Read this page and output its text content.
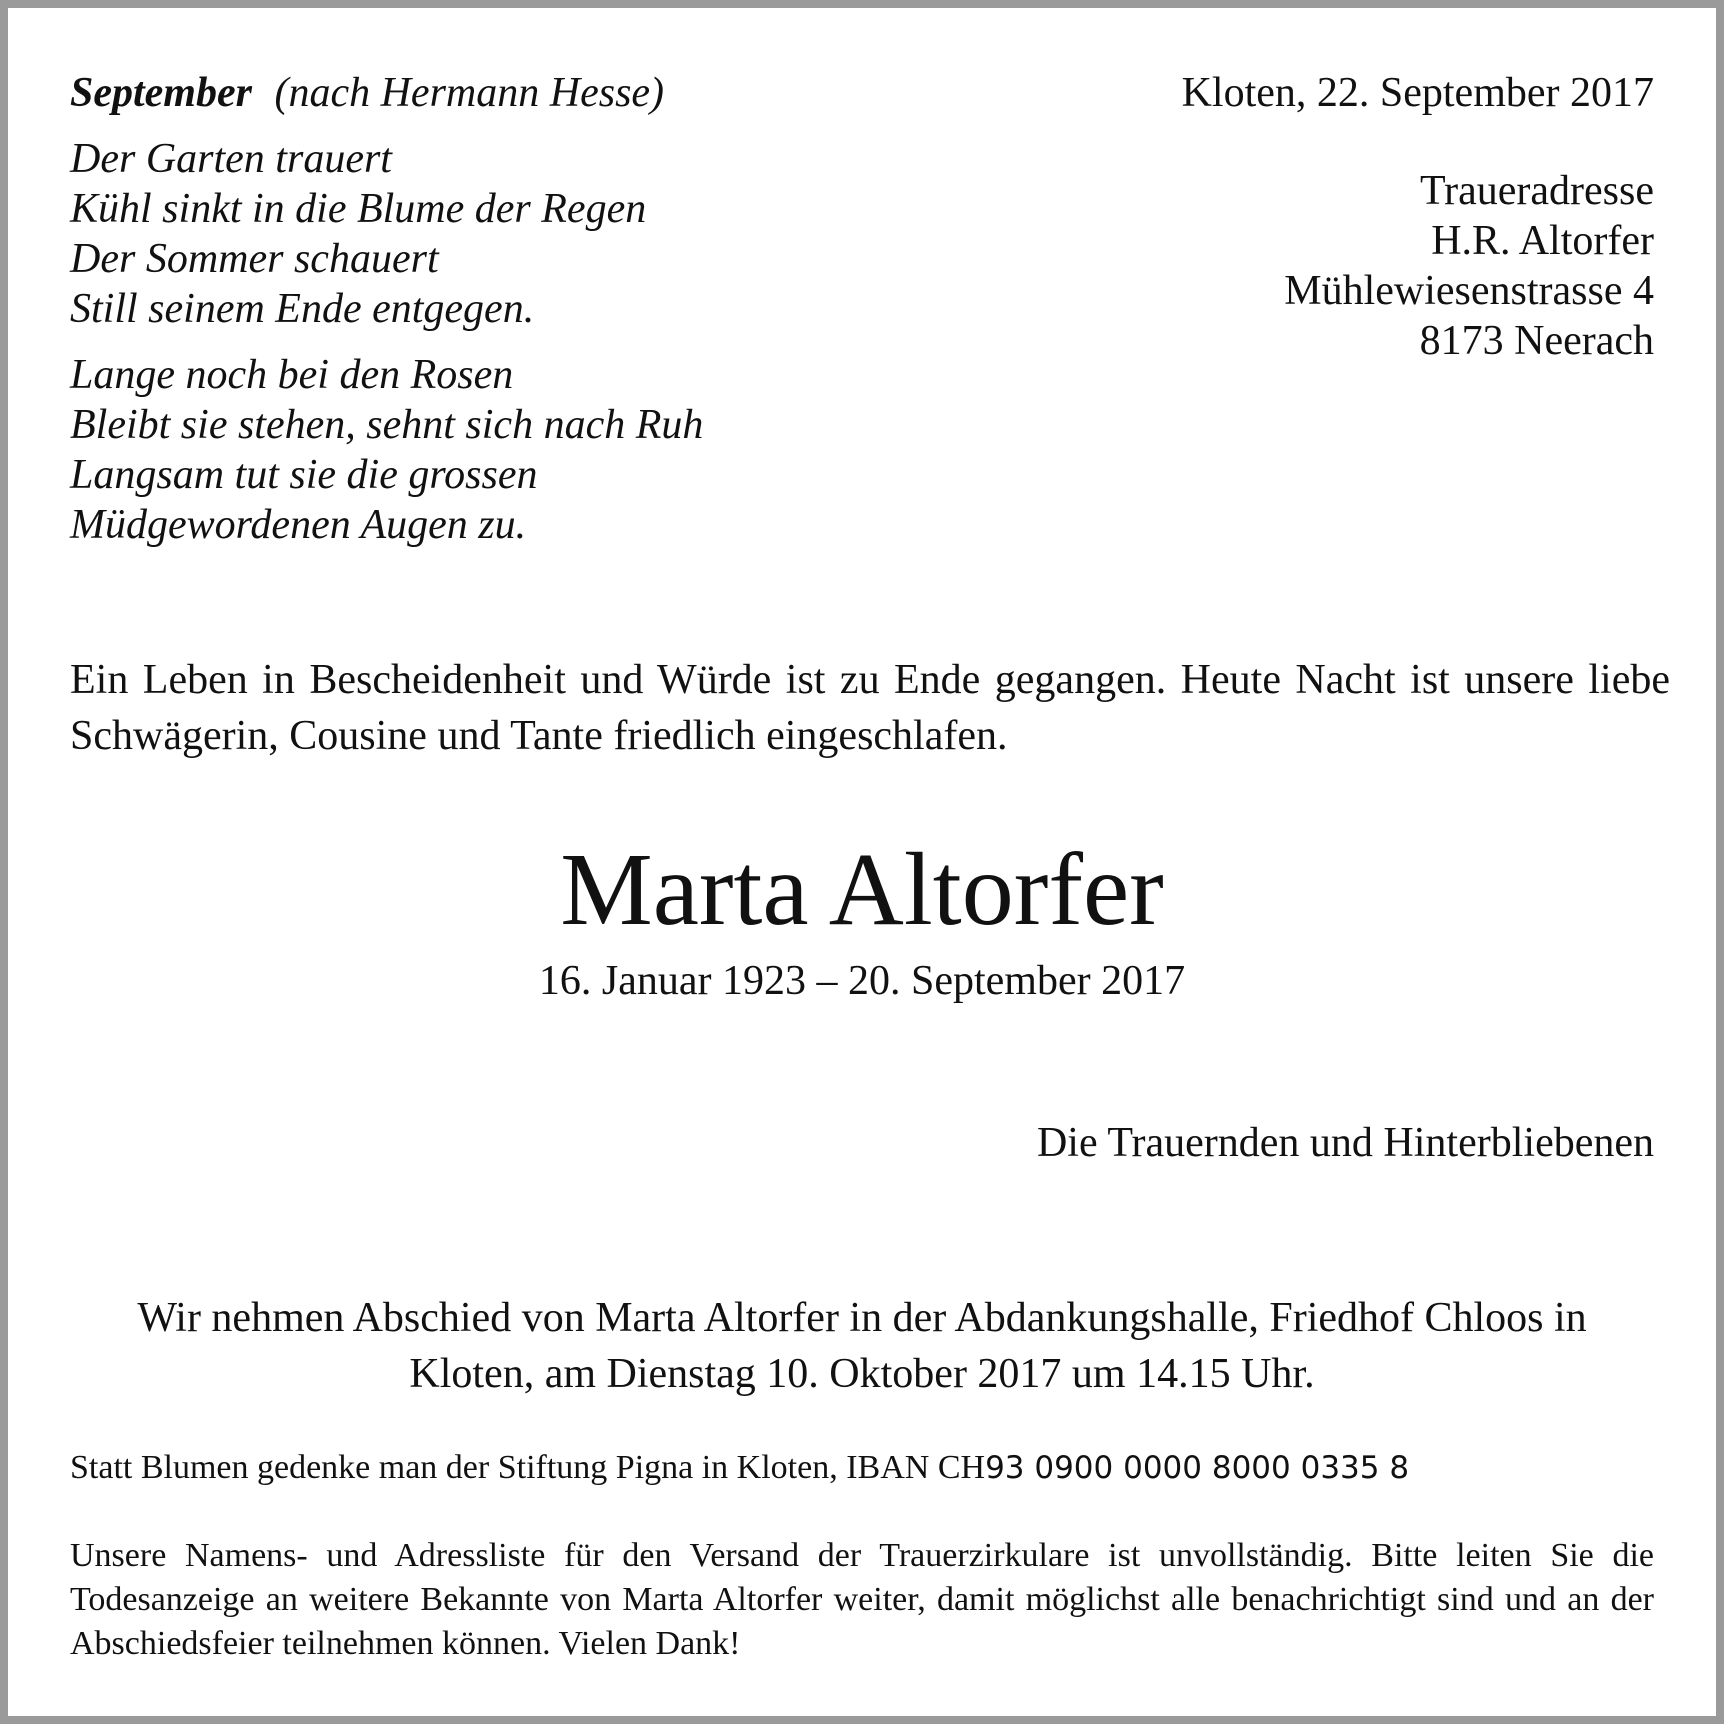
September (nach Hermann Hesse)
Der Garten trauert
Kühl sinkt in die Blume der Regen
Der Sommer schauert
Still seinem Ende entgegen.
Lange noch bei den Rosen
Bleibt sie stehen, sehnt sich nach Ruh
Langsam tut sie die grossen
Müdgewordenen Augen zu.
Kloten, 22. September 2017
Traueradresse
H.R. Altorfer
Mühlewiesenstrasse 4
8173 Neerach
Ein Leben in Bescheidenheit und Würde ist zu Ende gegangen. Heute Nacht ist unsere liebe Schwägerin, Cousine und Tante friedlich eingeschlafen.
Marta Altorfer
16. Januar 1923 – 20. September 2017
Die Trauernden und Hinterbliebenen
Wir nehmen Abschied von Marta Altorfer in der Abdankungshalle, Friedhof Chloos in Kloten, am Dienstag 10. Oktober 2017 um 14.15 Uhr.
Statt Blumen gedenke man der Stiftung Pigna in Kloten, IBAN CH93 0900 0000 8000 0335 8
Unsere Namens- und Adressliste für den Versand der Trauerzirkulare ist unvollständig. Bitte leiten Sie die Todesanzeige an weitere Bekannte von Marta Altorfer weiter, damit möglichst alle benachrichtigt sind und an der Abschiedsfeier teilnehmen können. Vielen Dank!
